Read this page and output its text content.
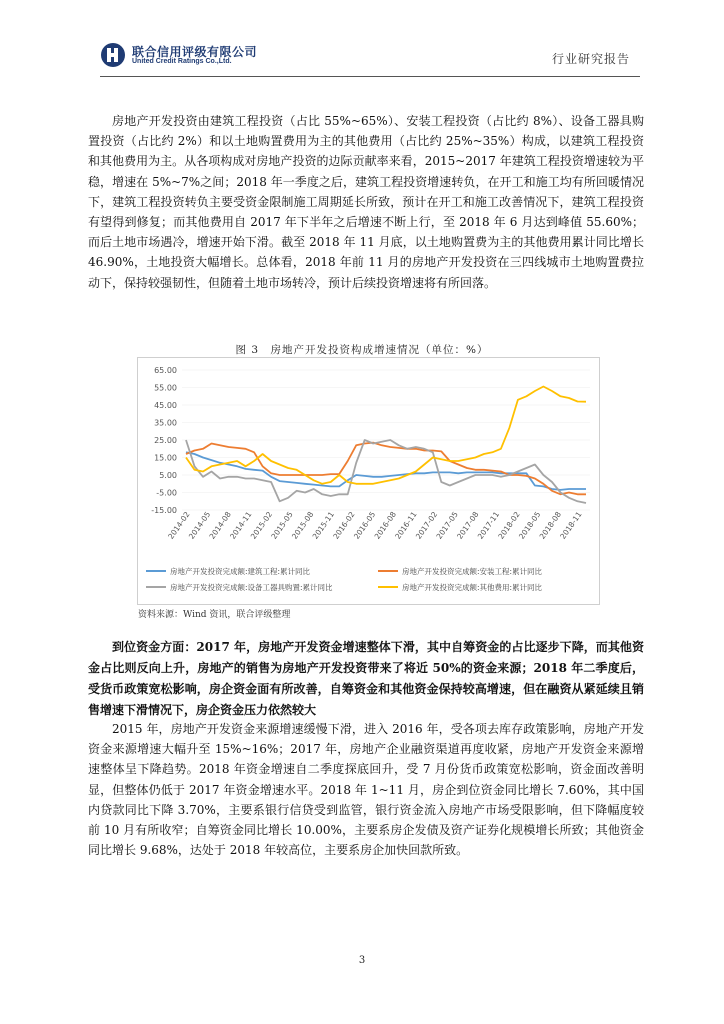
联合信用评级有限公司
United Credit Ratings Co.,Ltd.	行业研究报告

房地产开发投资由建筑工程投资（占比 55%~65%）、安装工程投资（占比约 8%）、设备工器具购置投资（占比约 2%）和以土地购置费用为主的其他费用（占比约 25%~35%）构成，以建筑工程投资和其他费用为主。从各项构成对房地产投资的边际贡献率来看，2015~2017 年建筑工程投资增速较为平稳，增速在 5%~7%之间；2018 年一季度之后，建筑工程投资增速转负，在开工和施工均有所回暖情况下，建筑工程投资转负主要受资金限制施工周期延长所致，预计在开工和施工改善情况下，建筑工程投资有望得到修复；而其他费用自 2017 年下半年之后增速不断上行，至 2018 年 6 月达到峰值 55.60%；而后土地市场遇冷，增速开始下滑。截至 2018 年 11 月底，以土地购置费为主的其他费用累计同比增长 46.90%，土地投资大幅增长。总体看，2018 年前 11 月的房地产开发投资在三四线城市土地购置费拉动下，保持较强韧性，但随着土地市场转冷，预计后续投资增速将有所回落。

图 3　房地产开发投资构成增速情况（单位：%）
65.00
55.00
45.00
35.00
25.00
15.00
5.00
-5.00
-15.00
2014-02
2014-05
2014-08
2014-11
2015-02
2015-05
2015-08
2015-11
2016-02
2016-05
2016-08
2016-11
2017-02
2017-05
2017-08
2017-11
2018-02
2018-05
2018-08
2018-11
房地产开发投资完成额:建筑工程:累计同比	房地产开发投资完成额:安装工程:累计同比
房地产开发投资完成额:设备工器具购置:累计同比	房地产开发投资完成额:其他费用:累计同比
资料来源：Wind 资讯，联合评级整理

到位资金方面：2017 年，房地产开发资金增速整体下滑，其中自筹资金的占比逐步下降，而其他资金占比则反向上升，房地产的销售为房地产开发投资带来了将近 50%的资金来源；2018 年二季度后，受货币政策宽松影响，房企资金面有所改善，自筹资金和其他资金保持较高增速，但在融资从紧延续且销售增速下滑情况下，房企资金压力依然较大

2015 年，房地产开发资金来源增速缓慢下滑，进入 2016 年，受各项去库存政策影响，房地产开发资金来源增速大幅升至 15%~16%；2017 年，房地产企业融资渠道再度收紧，房地产开发资金来源增速整体呈下降趋势。2018 年资金增速自二季度探底回升，受 7 月份货币政策宽松影响，资金面改善明显，但整体仍低于 2017 年资金增速水平。2018 年 1~11 月，房企到位资金同比增长 7.60%，其中国内贷款同比下降 3.70%，主要系银行信贷受到监管，银行资金流入房地产市场受限影响，但下降幅度较前 10 月有所收窄；自筹资金同比增长 10.00%，主要系房企发债及资产证券化规模增长所致；其他资金同比增长 9.68%，达处于 2018 年较高位，主要系房企加快回款所致。

3
